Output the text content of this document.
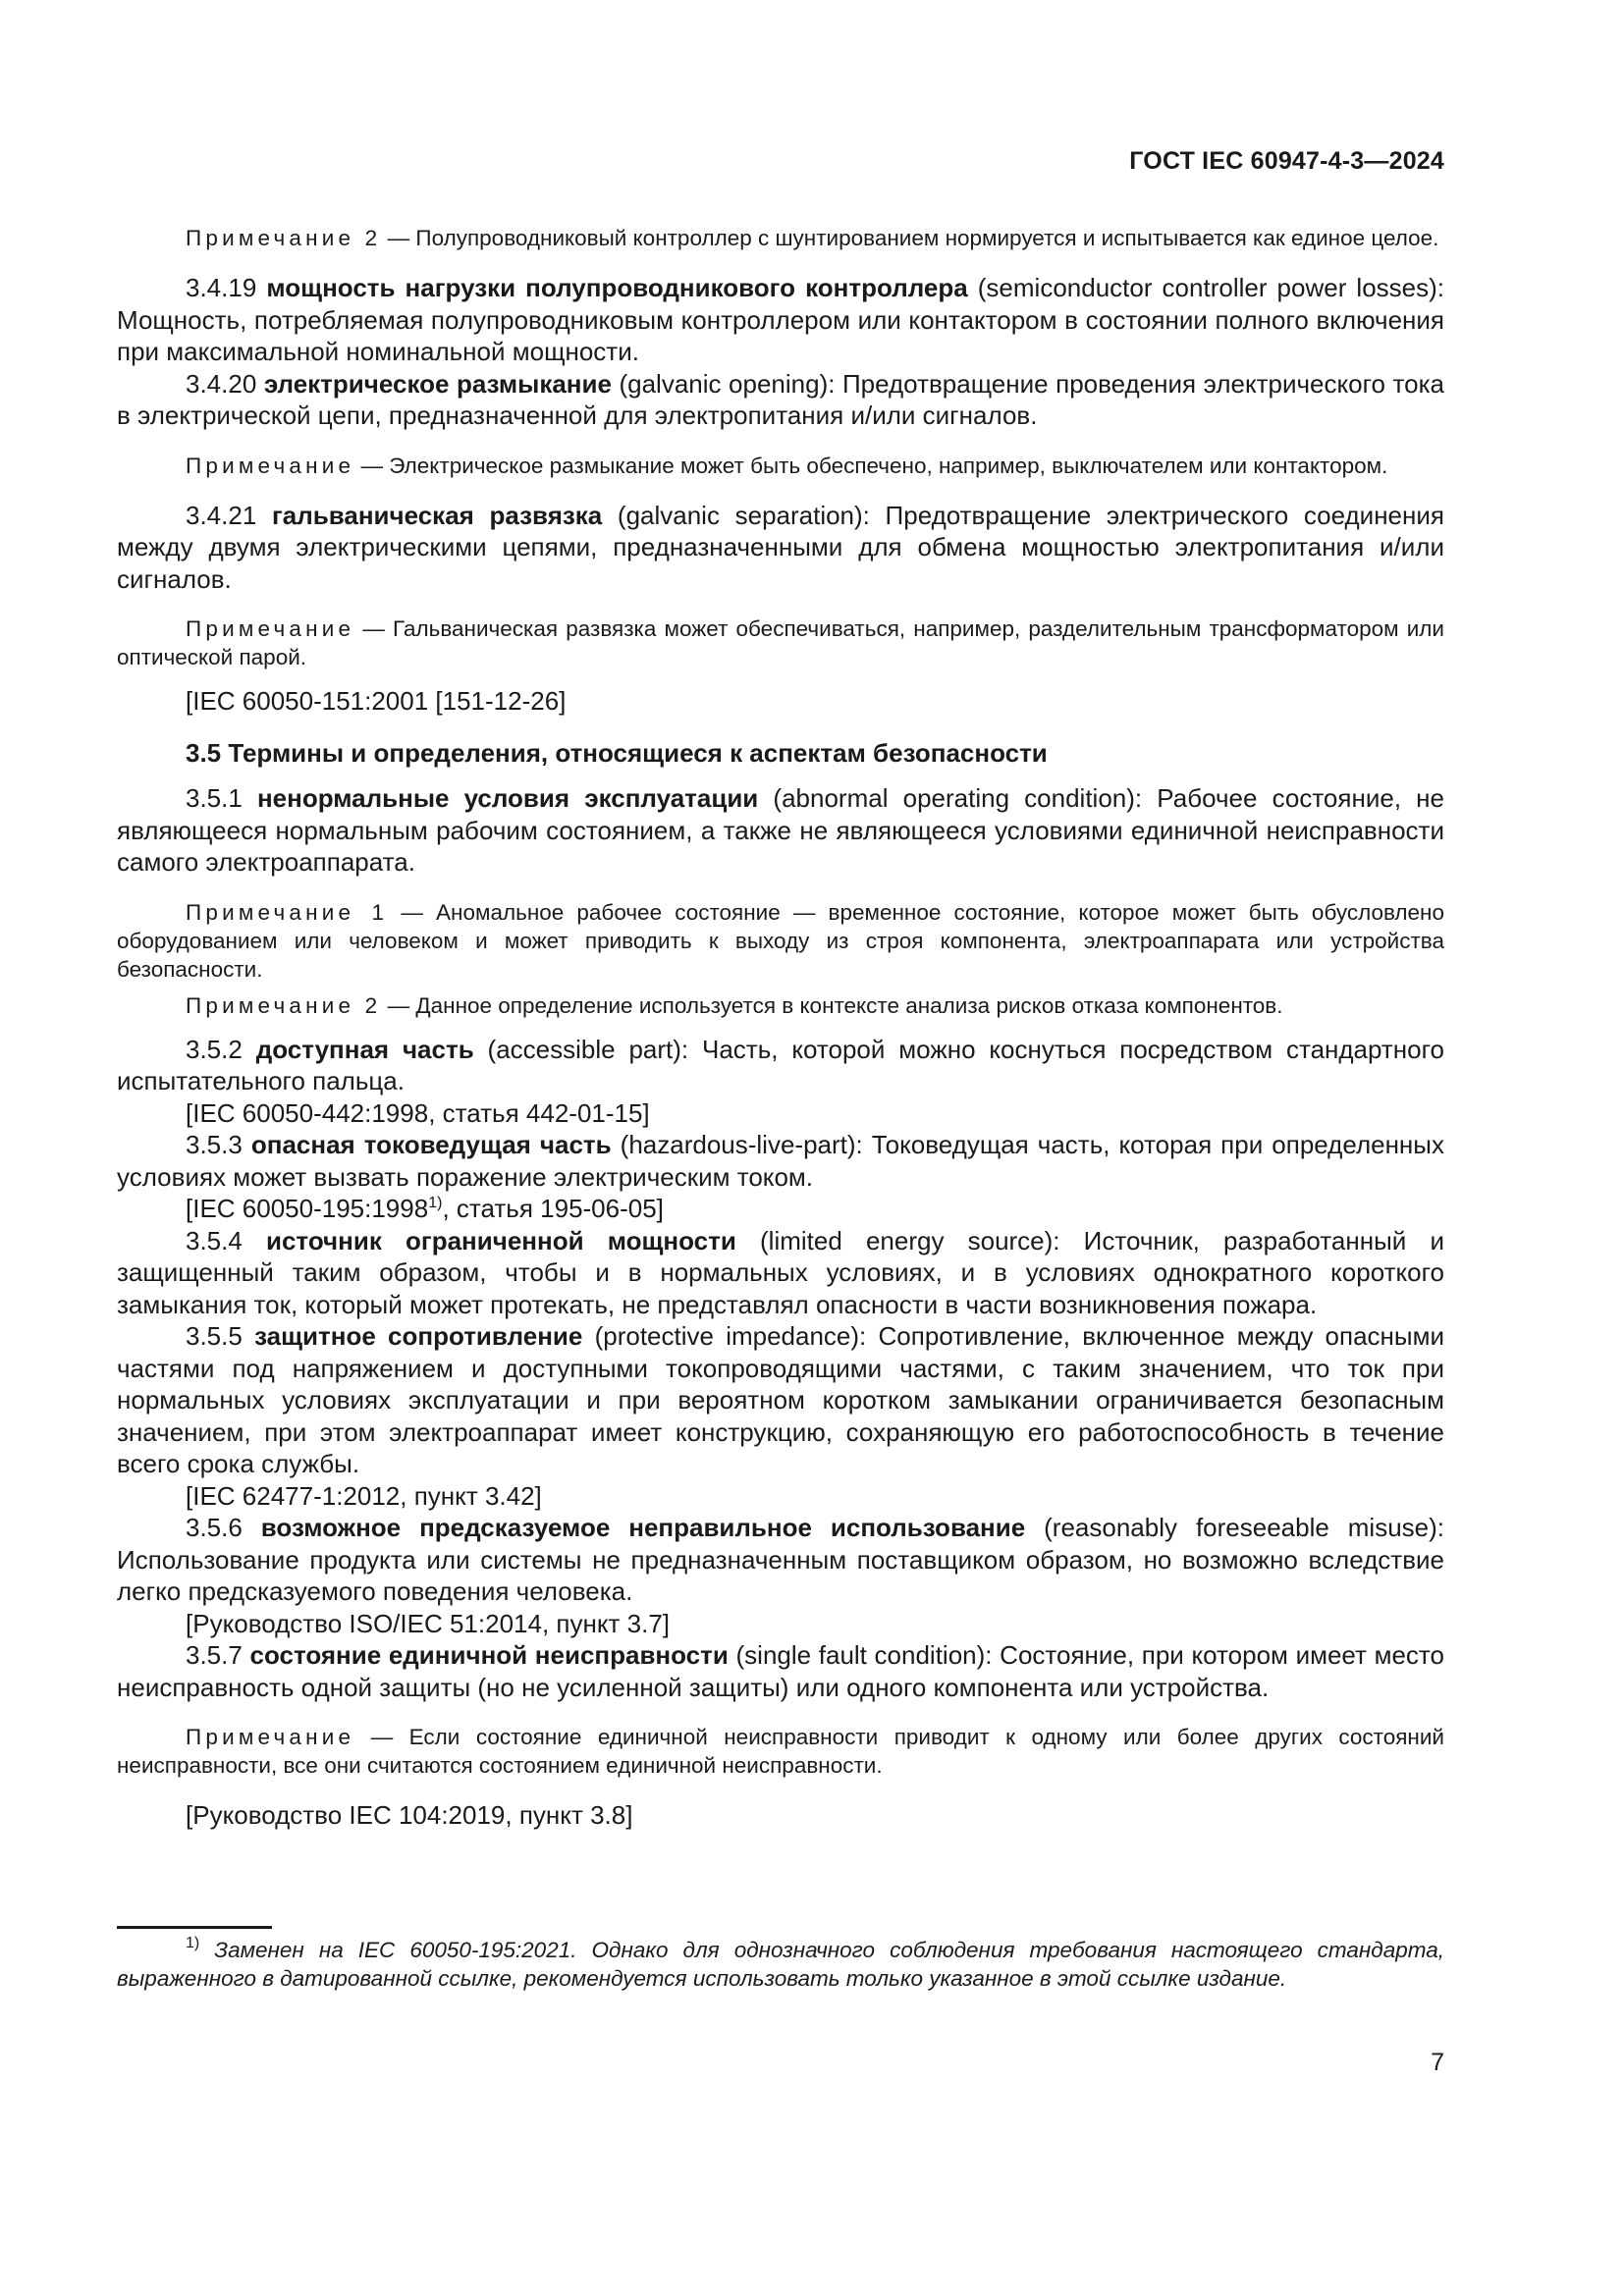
ГОСТ IEC 60947-4-3—2024

Примечание 2 — Полупроводниковый контроллер с шунтированием нормируется и испытывается как единое целое.

3.4.19 мощность нагрузки полупроводникового контроллера (semiconductor controller power losses): Мощность, потребляемая полупроводниковым контроллером или контактором в состоянии полного включения при максимальной номинальной мощности.

3.4.20 электрическое размыкание (galvanic opening): Предотвращение проведения электрического тока в электрической цепи, предназначенной для электропитания и/или сигналов.

Примечание — Электрическое размыкание может быть обеспечено, например, выключателем или контактором.

3.4.21 гальваническая развязка (galvanic separation): Предотвращение электрического соединения между двумя электрическими цепями, предназначенными для обмена мощностью электропитания и/или сигналов.

Примечание — Гальваническая развязка может обеспечиваться, например, разделительным трансформатором или оптической парой.

[IEC 60050-151:2001 [151-12-26]

3.5 Термины и определения, относящиеся к аспектам безопасности

3.5.1 ненормальные условия эксплуатации (abnormal operating condition): Рабочее состояние, не являющееся нормальным рабочим состоянием, а также не являющееся условиями единичной неисправности самого электроаппарата.

Примечание 1 — Аномальное рабочее состояние — временное состояние, которое может быть обусловлено оборудованием или человеком и может приводить к выходу из строя компонента, электроаппарата или устройства безопасности.

Примечание 2 — Данное определение используется в контексте анализа рисков отказа компонентов.

3.5.2 доступная часть (accessible part): Часть, которой можно коснуться посредством стандартного испытательного пальца.

[IEC 60050-442:1998, статья 442-01-15]

3.5.3 опасная токоведущая часть (hazardous-live-part): Токоведущая часть, которая при определенных условиях может вызвать поражение электрическим током.

[IEC 60050-195:1998$^{1)}$, статья 195-06-05]

3.5.4 источник ограниченной мощности (limited energy source): Источник, разработанный и защищенный таким образом, чтобы и в нормальных условиях, и в условиях однократного короткого замыкания ток, который может протекать, не представлял опасности в части возникновения пожара.

3.5.5 защитное сопротивление (protective impedance): Сопротивление, включенное между опасными частями под напряжением и доступными токопроводящими частями, с таким значением, что ток при нормальных условиях эксплуатации и при вероятном коротком замыкании ограничивается безопасным значением, при этом электроаппарат имеет конструкцию, сохраняющую его работоспособность в течение всего срока службы.

[IEC 62477-1:2012, пункт 3.42]

3.5.6 возможное предсказуемое неправильное использование (reasonably foreseeable misuse): Использование продукта или системы не предназначенным поставщиком образом, но возможно вследствие легко предсказуемого поведения человека.

[Руководство ISO/IEC 51:2014, пункт 3.7]

3.5.7 состояние единичной неисправности (single fault condition): Состояние, при котором имеет место неисправность одной защиты (но не усиленной защиты) или одного компонента или устройства.

Примечание — Если состояние единичной неисправности приводит к одному или более других состояний неисправности, все они считаются состоянием единичной неисправности.

[Руководство IEC 104:2019, пункт 3.8]

$^{1)}$ Заменен на IEC 60050-195:2021. Однако для однозначного соблюдения требования настоящего стандарта, выраженного в датированной ссылке, рекомендуется использовать только указанное в этой ссылке издание.

7
